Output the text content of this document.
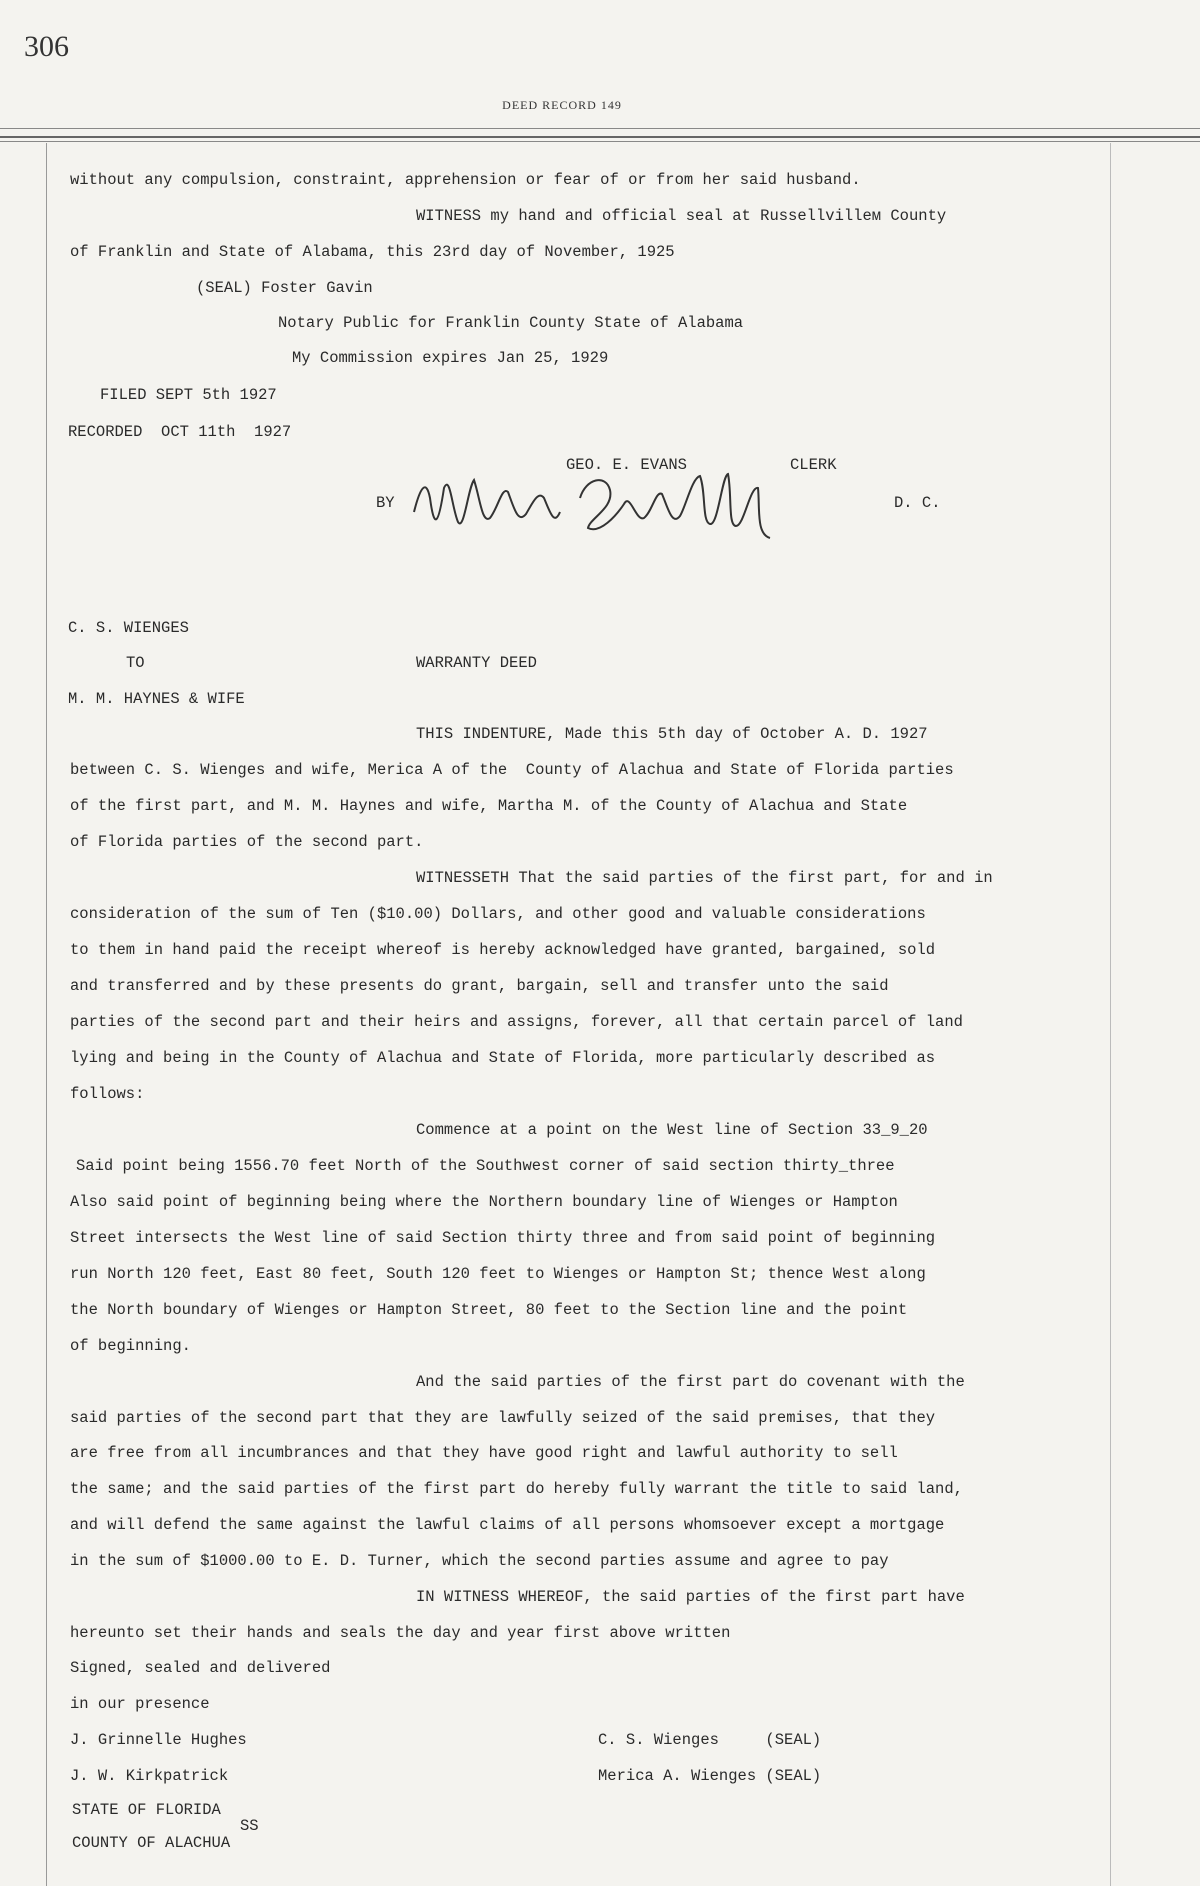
306
DEED RECORD 149
without any compulsion, constraint, apprehension or fear of or from her said husband.
WITNESS my hand and official seal at Russellvilleм County
of Franklin and State of Alabama, this 23rd day of November, 1925
(SEAL) Foster Gavin
Notary Public for Franklin County State of Alabama
My Commission expires Jan 25, 1929
FILED SEPT 5th 1927
RECORDED  OCT 11th  1927
GEO. E. EVANS	CLERK
BY	D. C.
C. S. WIENGES
TO	WARRANTY DEED
M. M. HAYNES & WIFE
THIS INDENTURE, Made this 5th day of October A. D. 1927
between C. S. Wienges and wife, Merica A of the  County of Alachua and State of Florida parties
of the first part, and M. M. Haynes and wife, Martha M. of the County of Alachua and State
of Florida parties of the second part.
WITNESSETH That the said parties of the first part, for and in
consideration of the sum of Ten ($10.00) Dollars, and other good and valuable considerations
to them in hand paid the receipt whereof is hereby acknowledged have granted, bargained, sold
and transferred and by these presents do grant, bargain, sell and transfer unto the said
parties of the second part and their heirs and assigns, forever, all that certain parcel of land
lying and being in the County of Alachua and State of Florida, more particularly described as
follows:
Commence at a point on the West line of Section 33_9_20
Said point being 1556.70 feet North of the Southwest corner of said section thirty_three
Also said point of beginning being where the Northern boundary line of Wienges or Hampton
Street intersects the West line of said Section thirty three and from said point of beginning
run North 120 feet, East 80 feet, South 120 feet to Wienges or Hampton St; thence West along
the North boundary of Wienges or Hampton Street, 80 feet to the Section line and the point
of beginning.
And the said parties of the first part do covenant with the
said parties of the second part that they are lawfully seized of the said premises, that they
are free from all incumbrances and that they have good right and lawful authority to sell
the same; and the said parties of the first part do hereby fully warrant the title to said land,
and will defend the same against the lawful claims of all persons whomsoever except a mortgage
in the sum of $1000.00 to E. D. Turner, which the second parties assume and agree to pay
IN WITNESS WHEREOF, the said parties of the first part have
hereunto set their hands and seals the day and year first above written
Signed, sealed and delivered
in our presence
J. Grinnelle Hughes	C. S. Wienges     (SEAL)
J. W. Kirkpatrick	Merica A. Wienges (SEAL)
STATE OF FLORIDA
SS
COUNTY OF ALACHUA
